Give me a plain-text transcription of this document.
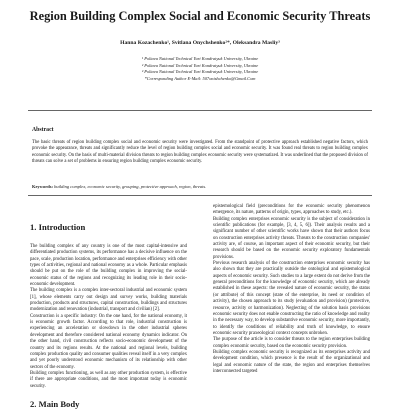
Region Building Complex Social and Economic Security Threats
Hanna Kozachenko¹, Svitlana Onychshenko²*, Oleksandra Masliy³
¹ Poltava National Technical Yuri Kondratyuk University, Ukraine
² Poltava National Technical Yuri Kondratyuk University, Ukraine
³ Poltava National Technical Yuri Kondratyuk University, Ukraine
*Corresponding Author E-Mail: 507onishchenko@Gmail.Com
Abstract
The basic threats of region building complex social and economic security were investigated. From the standpoint of protective approach established negative factors, which provoke the appearance, threats and significantly reduce the level of region building complex social and economic security. It was found real threats to region building complex economic security. On the basis of multi-material division threats to region building complex economic security were systematized. It was underlined that the proposed division of threats can solve a set of problems in ensuring region building complex economic security.
Keywords: building complex, economic security, grouping, protective approach, region, threats.
1. Introduction

The building complex of any country is one of the most capital-intensive and differentiated production systems, its performance has a decisive influence on the pace, scale, production location, performance and enterprises efficiency with other types of activities, regional and national economy as a whole. Particular emphasis should be put on the role of the building complex in improving the social-economic status of the regions and recognizing its leading role in their socio-economic development.

The building complex is a complex inter-sectoral industrial and economic system [1], whose elements carry out design and survey works, building materials production, products and structures, capital construction, buildings and structures modernization and renovation (industrial, transport and civilian) [2].

Construction is a specific industry: On the one hand, for the national economy, it is economic growth factor. According to that role, industrial construction is experiencing an acceleration or slowdown in the other industrial spheres development and therefore considered national economy dynamics indicator. On the other hand, civil construction reflects socio-economic development of the country and its regions results. At the national and regional levels, building complex production quality and consumer qualities reveal itself in a very complex and yet poorly understood economic mechanism of its relationship with other sectors of the economy.

Building complex functioning, as well as any other production system, is effective if there are appropriate conditions, and the most important today is economic security.

2. Main Body

epistemological field (preconditions for the economic security phenomenon emergence, its nature, patterns of origin, types, approaches to study, etc.).

Building complex enterprises economic security is the subject of consideration in scientific publications (for example, [3, 4, 5, 6]). Their analysis results and a significant number of other scientific works have shown that their authors focus on construction enterprises activity threats. Threats to the construction companies' activity are, of course, an important aspect of their economic security, but their research should be based on the economic security exploratory fundamentals provisions.

Previous research analysis of the construction enterprises economic security has also shown that they are practically outside the ontological and epistemological aspects of economic security. Such studies to a large extent do not derive from the general preconditions for the knowledge of economic security, which are already established in these aspects: the revealed nature of economic security, the status (or attribute) of this concept (state of the enterprise, its need or condition of activity), the chosen approach to its study (evaluation and provision) (protective, resource, activity or harmonization). Neglecting of the solution basis provisions economic security does not enable constructing the ratio of knowledge and reality in the necessary way, to develop substantive economic security, more importantly, to identify the conditions of reliability and truth of knowledge, to ensure economic security praxeological context concepts unbroken.

The purpose of the article is to consider threats to the region enterprises building complex economic security, based on the economic security provision.

Building complex economic security is recognized as its enterprises activity and development condition, which presence is the result of the organizational and legal and economic nature of the state, the region and enterprises themselves interconnected targeted
